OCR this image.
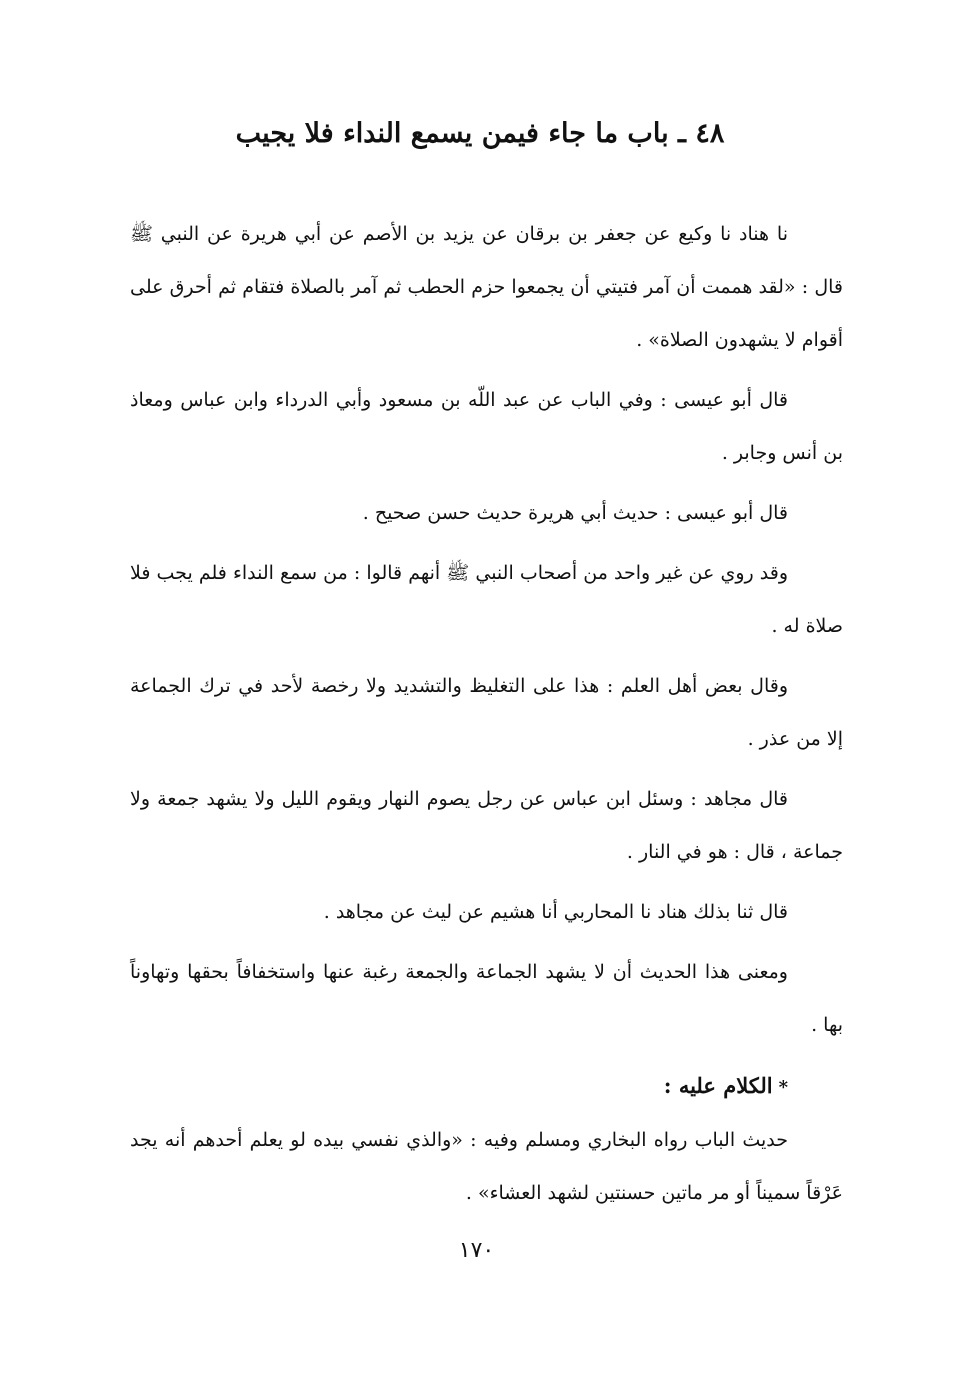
٤٨ ـ باب ما جاء فيمن يسمع النداء فلا يجيب

نا هناد نا وكيع عن جعفر بن برقان عن يزيد بن الأصم عن أبي هريرة عن النبي ﷺ قال : «لقد هممت أن آمر فتيتي أن يجمعوا حزم الحطب ثم آمر بالصلاة فتقام ثم أحرق على أقوام لا يشهدون الصلاة» .

قال أبو عيسى : وفي الباب عن عبد اللّه بن مسعود وأبي الدرداء وابن عباس ومعاذ بن أنس وجابر .

قال أبو عيسى : حديث أبي هريرة حديث حسن صحيح .

وقد روي عن غير واحد من أصحاب النبي ﷺ أنهم قالوا : من سمع النداء فلم يجب فلا صلاة له .

وقال بعض أهل العلم : هذا على التغليظ والتشديد ولا رخصة لأحد في ترك الجماعة إلا من عذر .

قال مجاهد : وسئل ابن عباس عن رجل يصوم النهار ويقوم الليل ولا يشهد جمعة ولا جماعة ، قال : هو في النار .

قال ثنا بذلك هناد نا المحاربي أنا هشيم عن ليث عن مجاهد .

ومعنى هذا الحديث أن لا يشهد الجماعة والجمعة رغبة عنها واستخفافاً بحقها وتهاوناً بها .

*الكلام عليه :

حديث الباب رواه البخاري ومسلم وفيه : «والذي نفسي بيده لو يعلم أحدهم أنه يجد عَرْقاً سميناً أو مر ماتين حسنتين لشهد العشاء» .

١٧٠
